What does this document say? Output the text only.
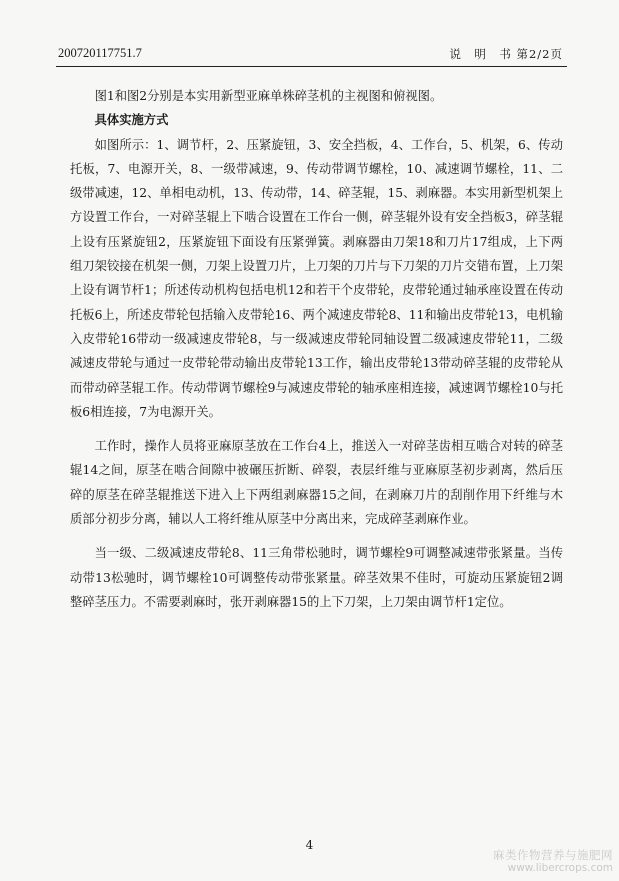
200720117751.7	说　明　书 第2/2页

图1和图2分别是本实用新型亚麻单株碎茎机的主视图和俯视图。

具体实施方式

如图所示：1、调节杆，2、压紧旋钮，3、安全挡板，4、工作台，5、机架，6、传动托板，7、电源开关，8、一级带减速，9、传动带调节螺栓，10、减速调节螺栓，11、二级带减速，12、单相电动机，13、传动带，14、碎茎辊，15、剥麻器。本实用新型机架上方设置工作台，一对碎茎辊上下啮合设置在工作台一侧，碎茎辊外设有安全挡板3，碎茎辊上设有压紧旋钮2，压紧旋钮下面设有压紧弹簧。剥麻器由刀架18和刀片17组成，上下两组刀架铰接在机架一侧，刀架上设置刀片，上刀架的刀片与下刀架的刀片交错布置，上刀架上设有调节杆1；所述传动机构包括电机12和若干个皮带轮，皮带轮通过轴承座设置在传动托板6上，所述皮带轮包括输入皮带轮16、两个减速皮带轮8、11和输出皮带轮13，电机输入皮带轮16带动一级减速皮带轮8，与一级减速皮带轮同轴设置二级减速皮带轮11，二级减速皮带轮与通过一皮带轮带动输出皮带轮13工作，输出皮带轮13带动碎茎辊的皮带轮从而带动碎茎辊工作。传动带调节螺栓9与减速皮带轮的轴承座相连接，减速调节螺栓10与托板6相连接，7为电源开关。

工作时，操作人员将亚麻原茎放在工作台4上，推送入一对碎茎齿相互啮合对转的碎茎辊14之间，原茎在啮合间隙中被碾压折断、碎裂，表层纤维与亚麻原茎初步剥离，然后压碎的原茎在碎茎辊推送下进入上下两组剥麻器15之间，在剥麻刀片的刮削作用下纤维与木质部分初步分离，辅以人工将纤维从原茎中分离出来，完成碎茎剥麻作业。

当一级、二级减速皮带轮8、11三角带松驰时，调节螺栓9可调整减速带张紧量。当传动带13松驰时，调节螺栓10可调整传动带张紧量。碎茎效果不佳时，可旋动压紧旋钮2调整碎茎压力。不需要剥麻时，张开剥麻器15的上下刀架，上刀架由调节杆1定位。

4
麻类作物营养与施肥网
www.libercrops.com
